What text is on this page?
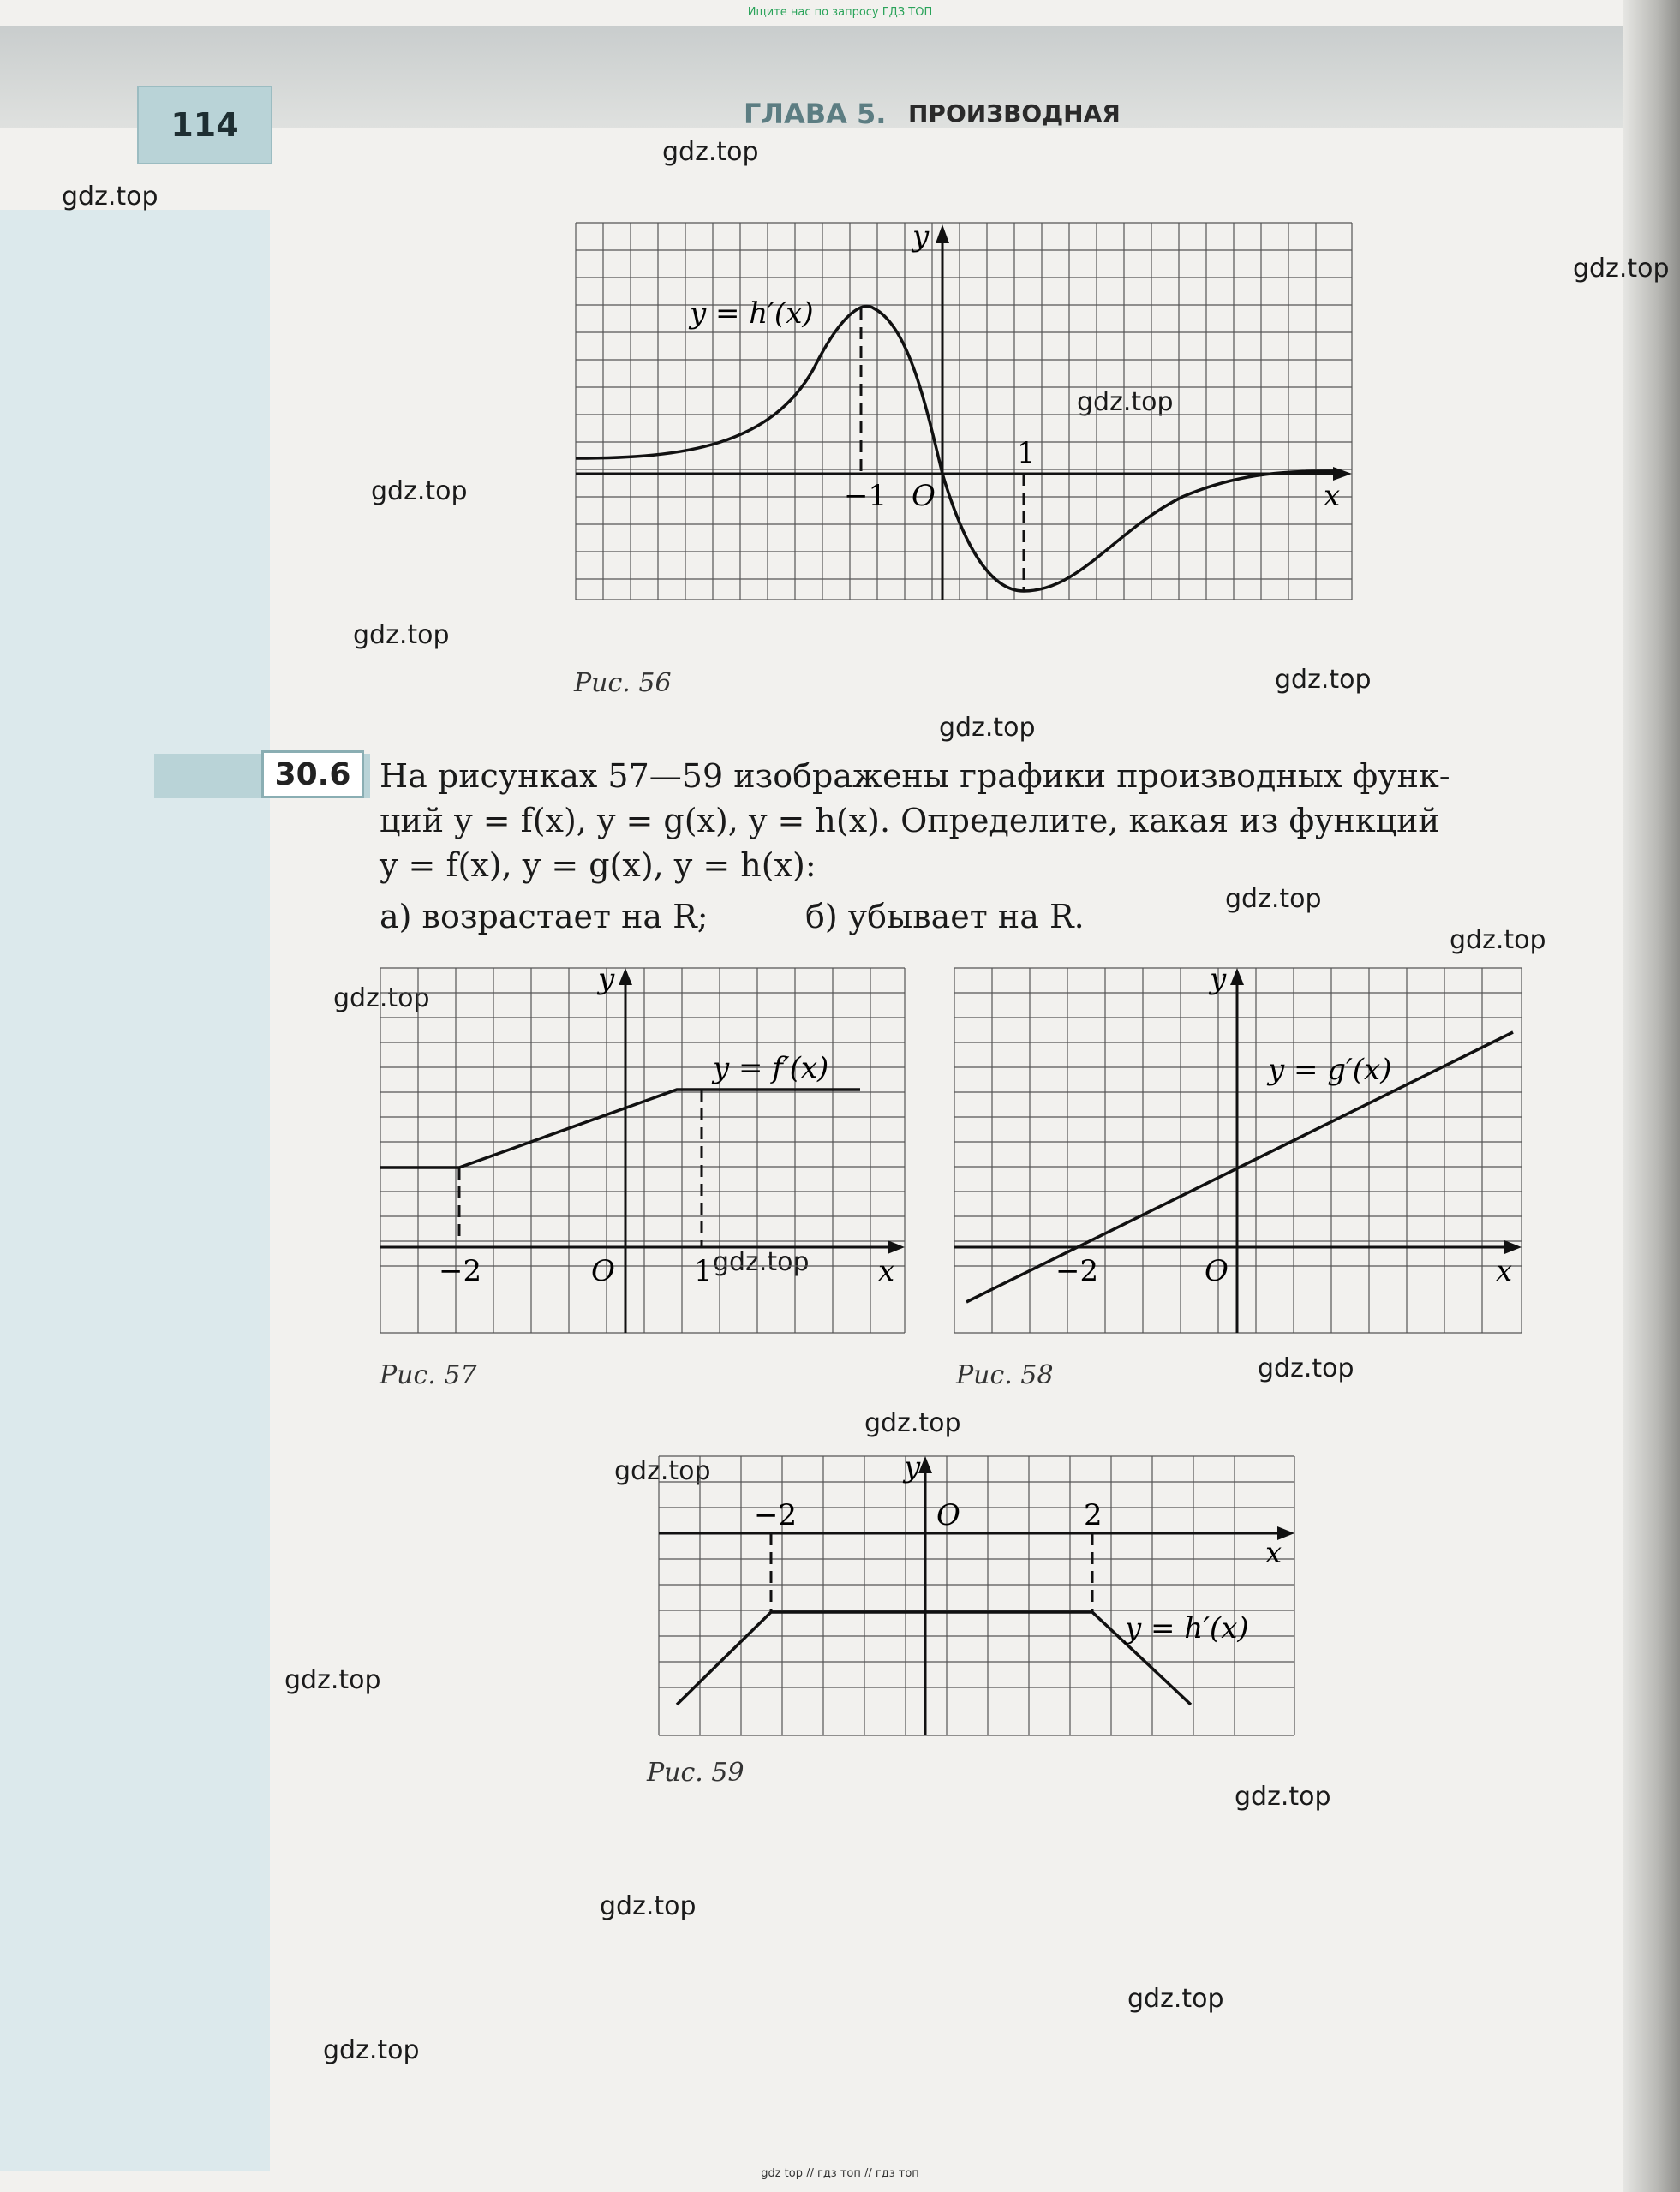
Ищите нас по запросу ГДЗ ТОП
114	ГЛАВА 5. ПРОИЗВОДНАЯ
gdz.top
gdz.top
gdz.top
gdz.top
gdz.top
gdz.top
gdz.top
gdz.top
gdz.top
gdz.top
gdz.top
gdz.top
gdz.top
gdz.top
gdz.top
gdz.top
gdz.top
gdz.top
gdz.top
gdz.top
y = h′(x)
y
x
O
−1
1
Рис. 56
30.6 На рисунках 57—59 изображены графики производных функ-
ций y = f(x), y = g(x), y = h(x). Определите, какая из функций
y = f(x), y = g(x), y = h(x):
а) возрастает на R;	б) убывает на R.
y = f′(x)
y
x
O
−2	1
Рис. 57
y = g′(x)
y
x
O
−2
Рис. 58
y = h′(x)
y
x
O
−2	2
Рис. 59
gdz top // гдз топ // гдз топ
